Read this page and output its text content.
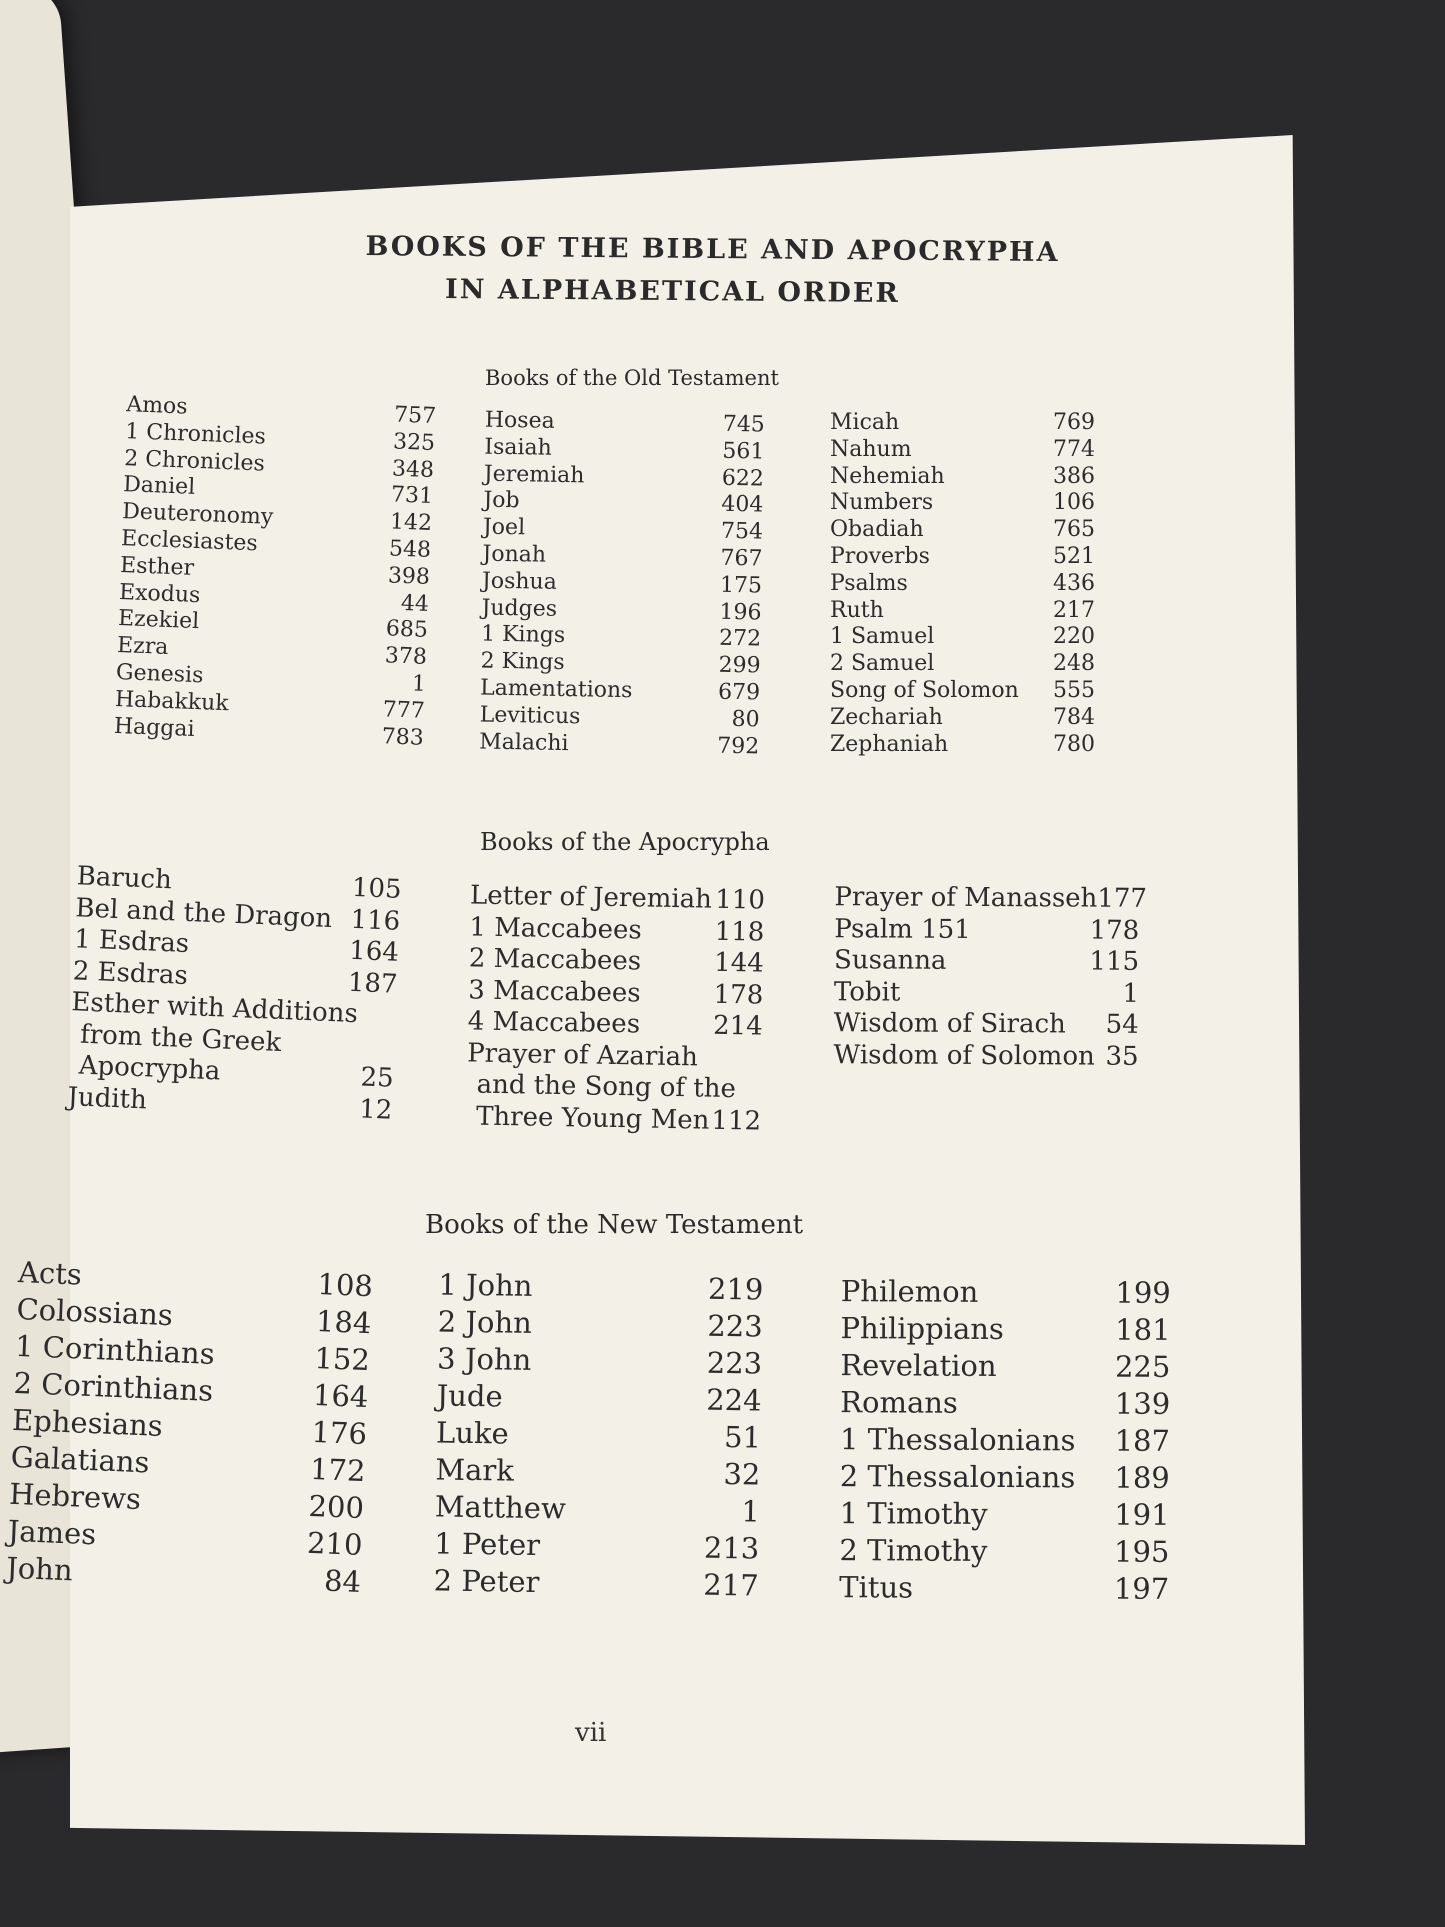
BOOKS OF THE BIBLE AND APOCRYPHA
IN ALPHABETICAL ORDER
Books of the Old Testament
Amos	757
1 Chronicles	325
2 Chronicles	348
Daniel	731
Deuteronomy	142
Ecclesiastes	548
Esther	398
Exodus	44
Ezekiel	685
Ezra	378
Genesis	1
Habakkuk	777
Haggai	783
Hosea	745
Isaiah	561
Jeremiah	622
Job	404
Joel	754
Jonah	767
Joshua	175
Judges	196
1 Kings	272
2 Kings	299
Lamentations	679
Leviticus	80
Malachi	792
Micah	769
Nahum	774
Nehemiah	386
Numbers	106
Obadiah	765
Proverbs	521
Psalms	436
Ruth	217
1 Samuel	220
2 Samuel	248
Song of Solomon 555
Zechariah	784
Zephaniah	780
Books of the Apocrypha
Baruch	105
Bel and the Dragon 116
1 Esdras	164
2 Esdras	187
Esther with Additions
from the Greek
Apocrypha	25
Judith	12
Letter of Jeremiah 110
1 Maccabees	118
2 Maccabees	144
3 Maccabees	178
4 Maccabees	214
Prayer of Azariah
and the Song of the
Three Young Men 112
Prayer of Manasseh 177
Psalm 151	178
Susanna	115
Tobit	1
Wisdom of Sirach 54
Wisdom of Solomon 35
Books of the New Testament
Acts	108
Colossians	184
1 Corinthians	152
2 Corinthians	164
Ephesians	176
Galatians	172
Hebrews	200
James	210
John	84
1 John	219
2 John	223
3 John	223
Jude	224
Luke	51
Mark	32
Matthew	1
1 Peter	213
2 Peter	217
Philemon	199
Philippians	181
Revelation	225
Romans	139
1 Thessalonians 187
2 Thessalonians 189
1 Timothy	191
2 Timothy	195
Titus	197
vii
